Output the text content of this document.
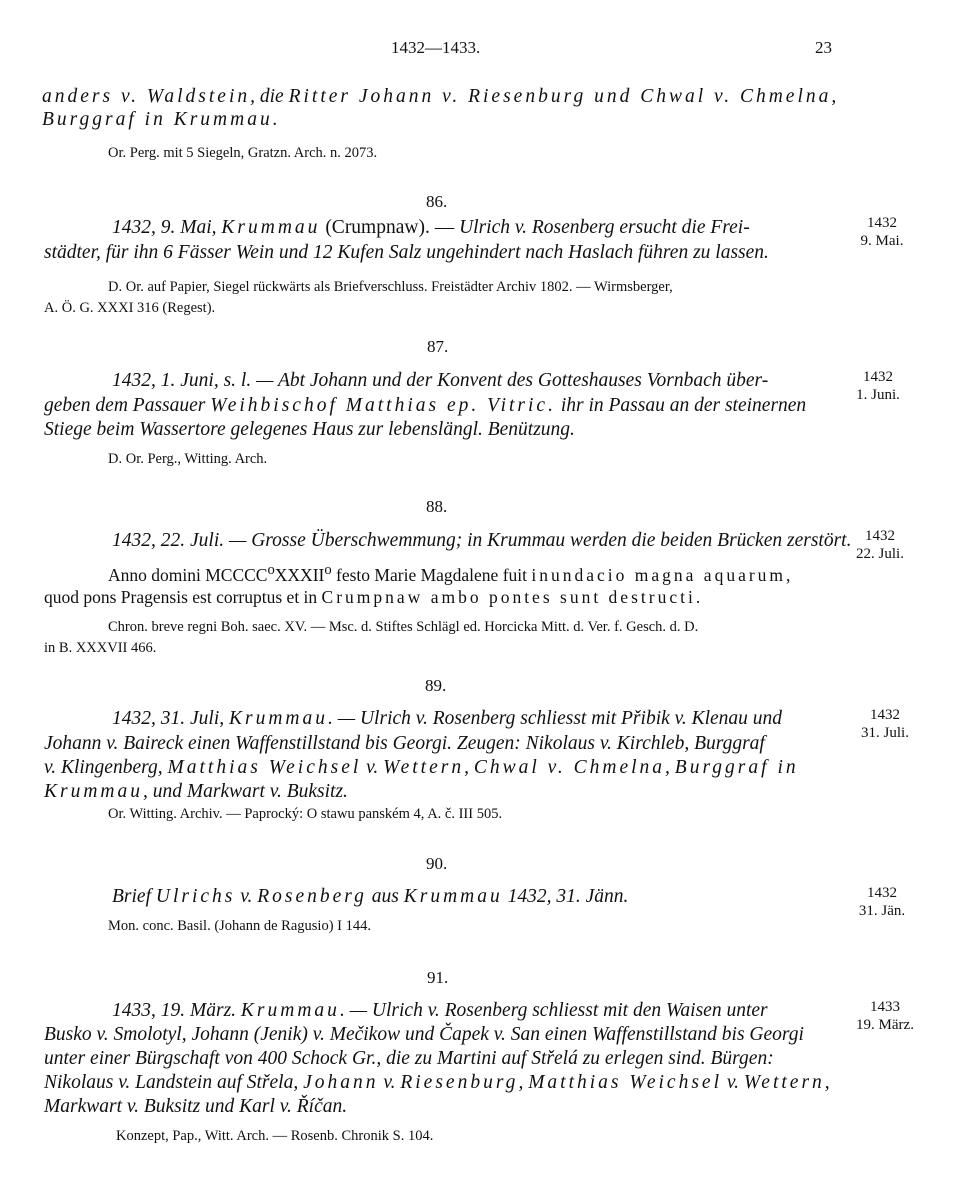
1432—1433.	23

anders v. Waldstein, die Ritter Johann v. Riesenburg und Chwal v. Chmelna,

Burggraf in Krummau.

Or. Perg. mit 5 Siegeln, Gratzn. Arch. n. 2073.

86.
1432
9. Mai.

1432, 9. Mai, Krummau (Crumpnaw). — Ulrich v. Rosenberg ersucht die Frei-

städter, für ihn 6 Fässer Wein und 12 Kufen Salz ungehindert nach Haslach führen zu lassen.

D. Or. auf Papier, Siegel rückwärts als Briefverschluss. Freistädter Archiv 1802. — Wirmsberger,

A. Ö. G. XXXI 316 (Regest).

87.
1432
1. Juni.

1432, 1. Juni, s. l. — Abt Johann und der Konvent des Gotteshauses Vornbach über-

geben dem Passauer Weihbischof Matthias ep. Vitric. ihr in Passau an der steinernen

Stiege beim Wassertore gelegenes Haus zur lebenslängl. Benützung.

D. Or. Perg., Witting. Arch.

88.
1432
22. Juli.

1432, 22. Juli. — Grosse Überschwemmung; in Krummau werden die beiden Brücken zerstört.

Anno domini MCCCC$^o$XXXII$^o$ festo Marie Magdalene fuit inundacio magna aquarum,

quod pons Pragensis est corruptus et in Crumpnaw ambo pontes sunt destructi.

Chron. breve regni Boh. saec. XV. — Msc. d. Stiftes Schlägl ed. Horcicka Mitt. d. Ver. f. Gesch. d. D.

in B. XXXVII 466.

89.
1432
31. Juli.

1432, 31. Juli, Krummau. — Ulrich v. Rosenberg schliesst mit Přibik v. Klenau und

Johann v. Baireck einen Waffenstillstand bis Georgi. Zeugen: Nikolaus v. Kirchleb, Burggraf

v. Klingenberg, Matthias Weichsel v. Wettern, Chwal v. Chmelna, Burggraf in

Krummau, und Markwart v. Buksitz.

Or. Witting. Archiv. — Paprocký: O stawu panském 4, A. č. III 505.

90.
1432
31. Jän.

Brief Ulrichs v. Rosenberg aus Krummau 1432, 31. Jänn.

Mon. conc. Basil. (Johann de Ragusio) I 144.

91.
1433
19. März.

1433, 19. März. Krummau. — Ulrich v. Rosenberg schliesst mit den Waisen unter

Busko v. Smolotyl, Johann (Jenik) v. Mečikow und Čapek v. San einen Waffenstillstand bis Georgi

unter einer Bürgschaft von 400 Schock Gr., die zu Martini auf Střelá zu erlegen sind. Bürgen:

Nikolaus v. Landstein auf Střela, Johann v. Riesenburg, Matthias Weichsel v. Wettern,

Markwart v. Buksitz und Karl v. Říčan.

Konzept, Pap., Witt. Arch. — Rosenb. Chronik S. 104.
